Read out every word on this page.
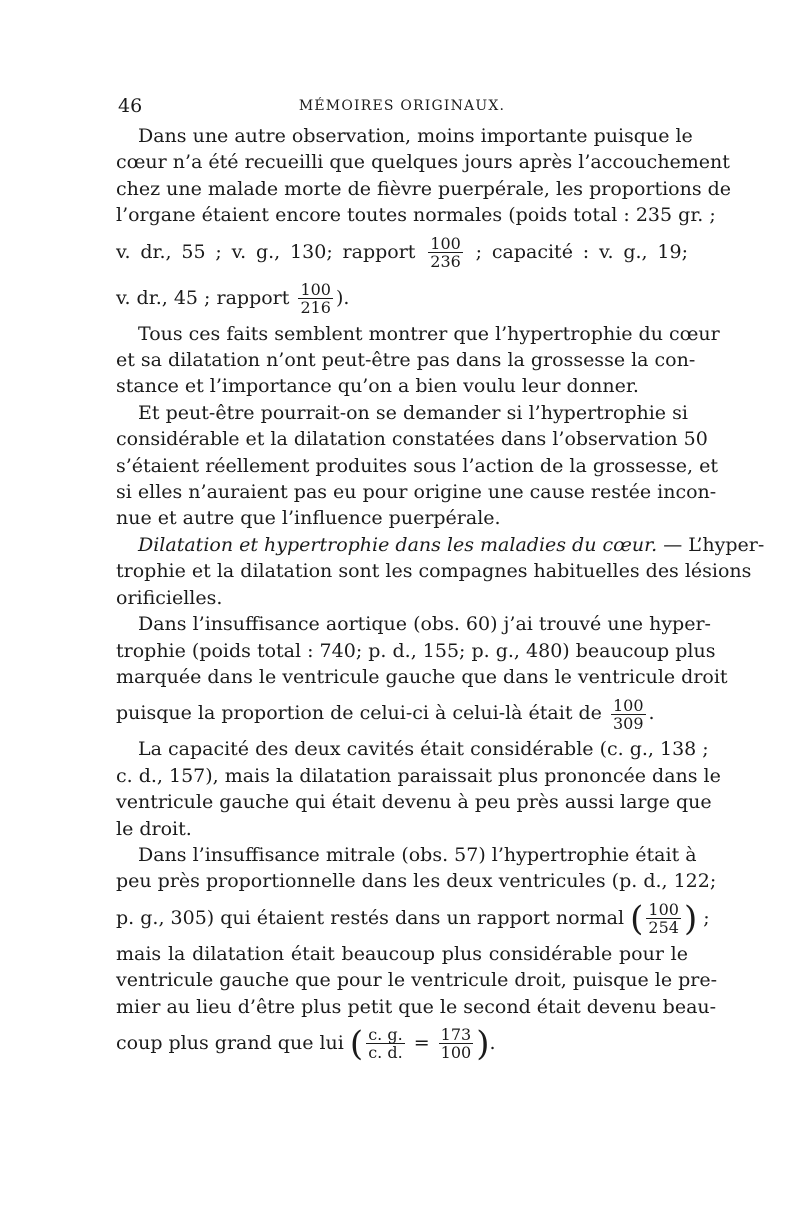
46	MÉMOIRES ORIGINAUX.
Dans une autre observation, moins importante puisque le
cœur n’a été recueilli que quelques jours après l’accouchement
chez une malade morte de fièvre puerpérale, les proportions de
l’organe étaient encore toutes normales (poids total : 235 gr. ;
v. dr., 55 ; v. g., 130; rapport $\frac{100}{236}$ ; capacité : v. g., 19;
v. dr., 45 ; rapport $\frac{100}{216}$ ).
Tous ces faits semblent montrer que l’hypertrophie du cœur
et sa dilatation n’ont peut-être pas dans la grossesse la con-
stance et l’importance qu’on a bien voulu leur donner.
Et peut-être pourrait-on se demander si l’hypertrophie si
considérable et la dilatation constatées dans l’observation 50
s’étaient réellement produites sous l’action de la grossesse, et
si elles n’auraient pas eu pour origine une cause restée incon-
nue et autre que l’influence puerpérale.
Dilatation et hypertrophie dans les maladies du cœur. — L’hyper-
trophie et la dilatation sont les compagnes habituelles des lésions
orificielles.
Dans l’insuffisance aortique (obs. 60) j’ai trouvé une hyper-
trophie (poids total : 740; p. d., 155; p. g., 480) beaucoup plus
marquée dans le ventricule gauche que dans le ventricule droit
puisque la proportion de celui-ci à celui-là était de $\frac{100}{309}$ .
La capacité des deux cavités était considérable (c. g., 138 ;
c. d., 157), mais la dilatation paraissait plus prononcée dans le
ventricule gauche qui était devenu à peu près aussi large que
le droit.
Dans l’insuffisance mitrale (obs. 57) l’hypertrophie était à
peu près proportionnelle dans les deux ventricules (p. d., 122;
p. g., 305) qui étaient restés dans un rapport normal ( $\frac{100}{254}$ ) ;
mais la dilatation était beaucoup plus considérable pour le
ventricule gauche que pour le ventricule droit, puisque le pre-
mier au lieu d’être plus petit que le second était devenu beau-
coup plus grand que lui ( $\frac{c. g.}{c. d.} = \frac{173}{100}$ ).
